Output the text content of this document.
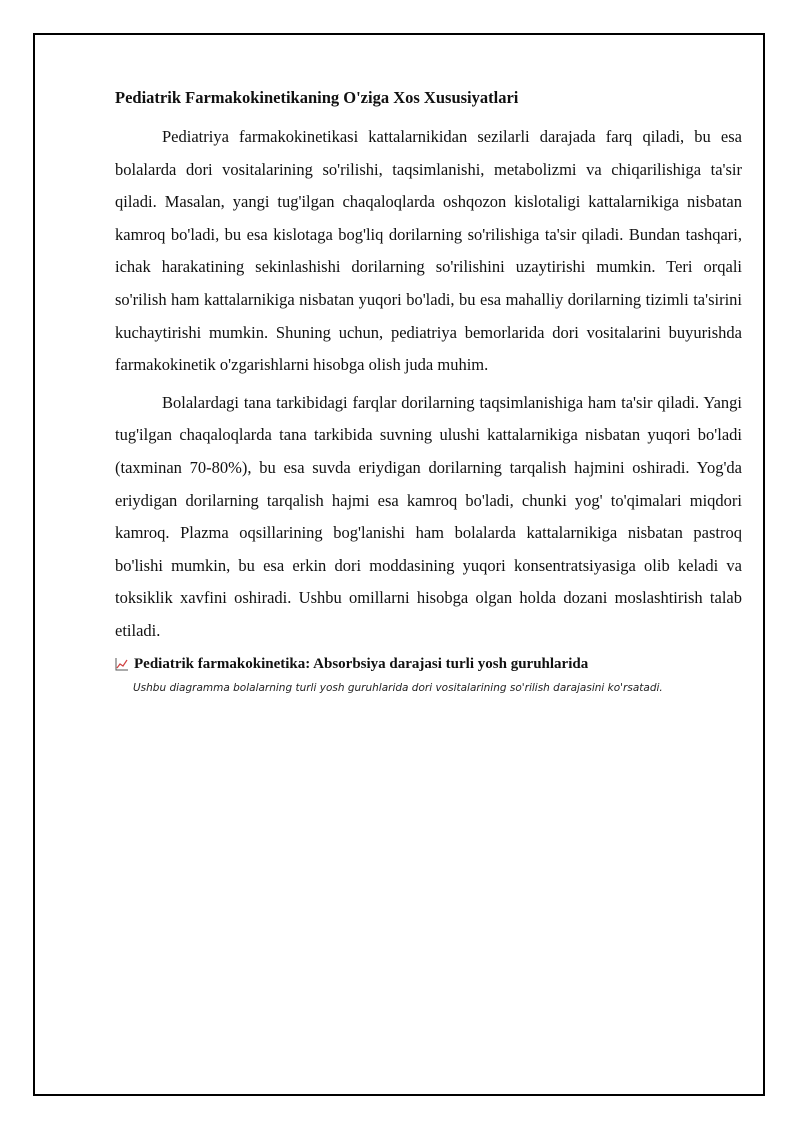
Pediatrik Farmakokinetikaning O'ziga Xos Xususiyatlari

Pediatriya farmakokinetikasi kattalarnikidan sezilarli darajada farq qiladi, bu esa bolalarda dori vositalarining so'rilishi, taqsimlanishi, metabolizmi va chiqarilishiga ta'sir qiladi. Masalan, yangi tug'ilgan chaqaloqlarda oshqozon kislotaligi kattalarnikiga nisbatan kamroq bo'ladi, bu esa kislotaga bog'liq dorilarning so'rilishiga ta'sir qiladi. Bundan tashqari, ichak harakatining sekinlashishi dorilarning so'rilishini uzaytirishi mumkin. Teri orqali so'rilish ham kattalarnikiga nisbatan yuqori bo'ladi, bu esa mahalliy dorilarning tizimli ta'sirini kuchaytirishi mumkin. Shuning uchun, pediatriya bemorlarida dori vositalarini buyurishda farmakokinetik o'zgarishlarni hisobga olish juda muhim.

Bolalardagi tana tarkibidagi farqlar dorilarning taqsimlanishiga ham ta'sir qiladi. Yangi tug'ilgan chaqaloqlarda tana tarkibida suvning ulushi kattalarnikiga nisbatan yuqori bo'ladi (taxminan 70-80%), bu esa suvda eriydigan dorilarning tarqalish hajmini oshiradi. Yog'da eriydigan dorilarning tarqalish hajmi esa kamroq bo'ladi, chunki yog' to'qimalari miqdori kamroq. Plazma oqsillarining bog'lanishi ham bolalarda kattalarnikiga nisbatan pastroq bo'lishi mumkin, bu esa erkin dori moddasining yuqori konsentratsiyasiga olib keladi va toksiklik xavfini oshiradi. Ushbu omillarni hisobga olgan holda dozani moslashtirish talab etiladi.

Pediatrik farmakokinetika: Absorbsiya darajasi turli yosh guruhlarida
Ushbu diagramma bolalarning turli yosh guruhlarida dori vositalarining so'rilish darajasini ko'rsatadi.
